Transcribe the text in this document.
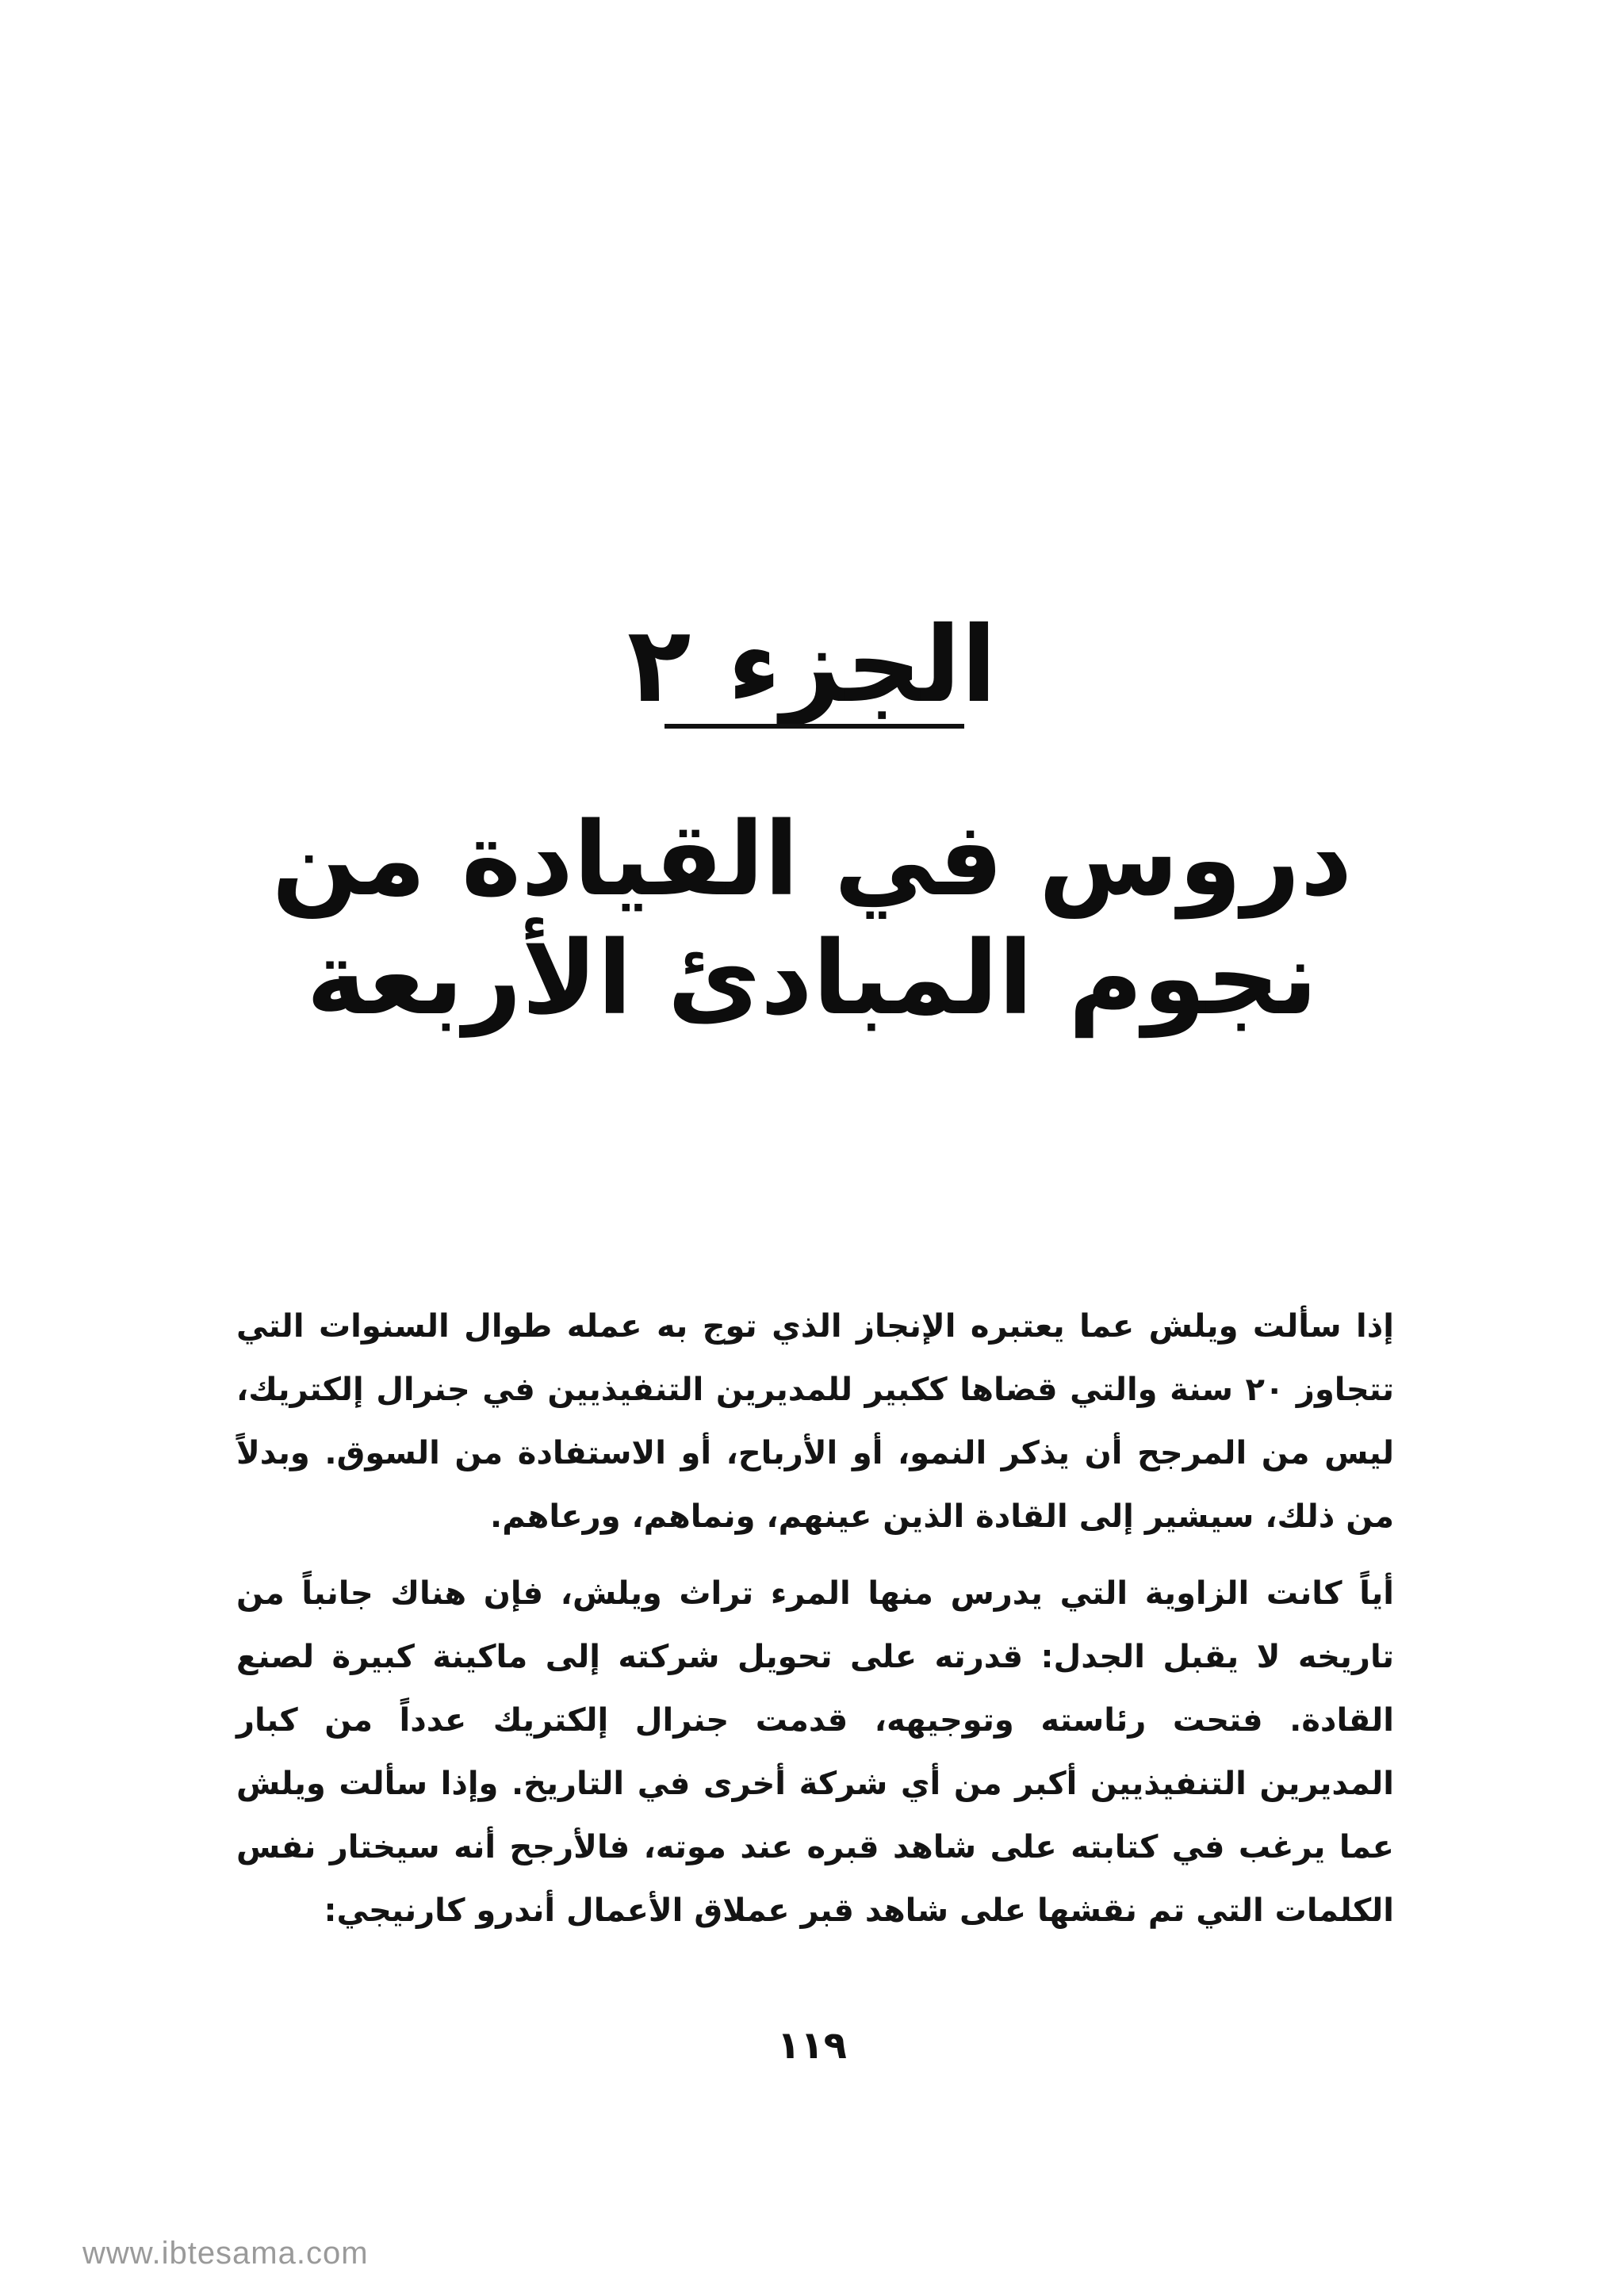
الجزء ٢
دروس في القيادة من نجوم المبادئ الأربعة

إذا سألت ويلش عما يعتبره الإنجاز الذي توج به عمله طوال السنوات التي تتجاوز ٢٠ سنة والتي قضاها ككبير للمديرين التنفيذيين في جنرال إلكتريك، ليس من المرجح أن يذكر النمو، أو الأرباح، أو الاستفادة من السوق. وبدلاً من ذلك، سيشير إلى القادة الذين عينهم، ونماهم، ورعاهم.

أياً كانت الزاوية التي يدرس منها المرء تراث ويلش، فإن هناك جانباً من تاريخه لا يقبل الجدل: قدرته على تحويل شركته إلى ماكينة كبيرة لصنع القادة. فتحت رئاسته وتوجيهه، قدمت جنرال إلكتريك عدداً من كبار المديرين التنفيذيين أكبر من أي شركة أخرى في التاريخ. وإذا سألت ويلش عما يرغب في كتابته على شاهد قبره عند موته، فالأرجح أنه سيختار نفس الكلمات التي تم نقشها على شاهد قبر عملاق الأعمال أندرو كارنيجي:

١١٩
www.ibtesama.com
